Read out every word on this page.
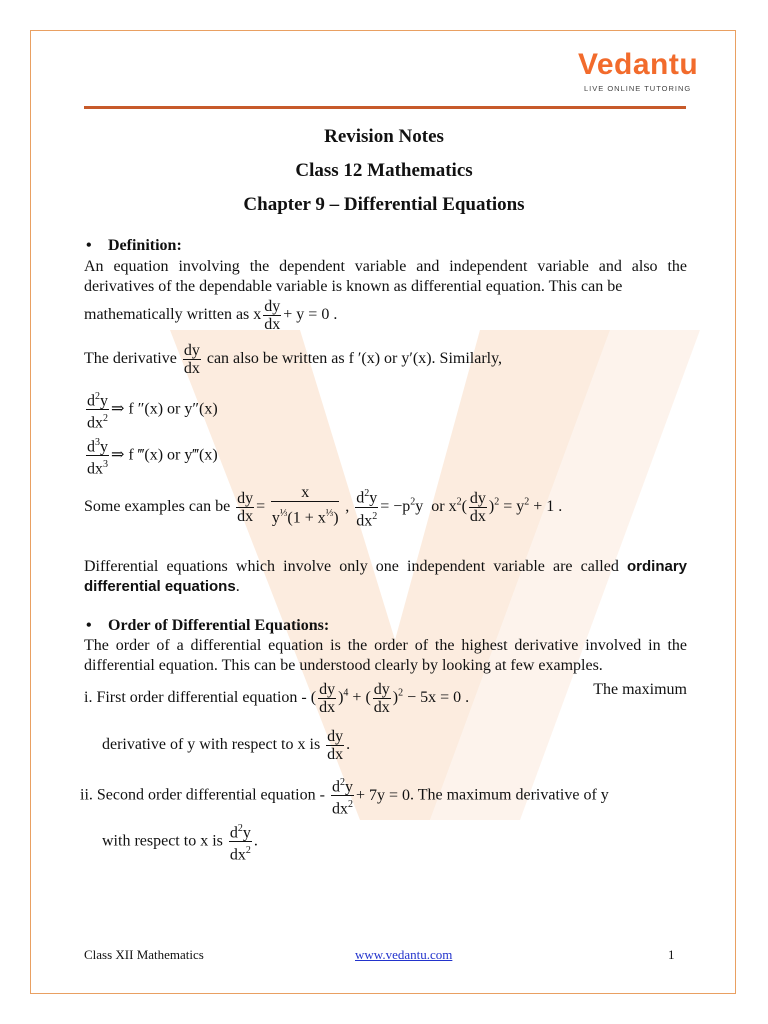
Vedantu
LIVE ONLINE TUTORING
Revision Notes
Class 12 Mathematics
Chapter 9 – Differential Equations
• Definition:
An equation involving the dependent variable and independent variable and also the derivatives of the dependable variable is known as differential equation. This can be
mathematically written as x $\frac{dy}{dx} + y = 0$ .
The derivative $\frac{dy}{dx}$ can also be written as f ′(x) or y′(x). Similarly,
$\frac{d^2y}{dx^2}$ ⇒ f ″(x) or y″(x)
$\frac{d^3y}{dx^3}$ ⇒ f ‴(x) or y‴(x)
Some examples can be $\frac{dy}{dx} = \frac{x}{y^{\frac{1}{3}}(1 + x^{\frac{1}{3}})}$ , $\frac{d^2y}{dx^2} = -p^2y$  or $x^2( \frac{dy}{dx} )^2 = y^2 + 1$ .
Differential equations which involve only one independent variable are called ordinary differential equations.
• Order of Differential Equations:
The order of a differential equation is the order of the highest derivative involved in the differential equation. This can be understood clearly by looking at few examples.
i. First order differential equation - ( $\frac{dy}{dx} )^4$ + ( $\frac{dy}{dx} )^2 - 5x = 0$ .	The maximum
derivative of y with respect to x is $\frac{dy}{dx}$ .
ii. Second order differential equation - $\frac{d^2y}{dx^2} + 7y = 0$. The maximum derivative of y
with respect to x is $\frac{d^2y}{dx^2}$ .
Class XII Mathematics	www.vedantu.com	1
